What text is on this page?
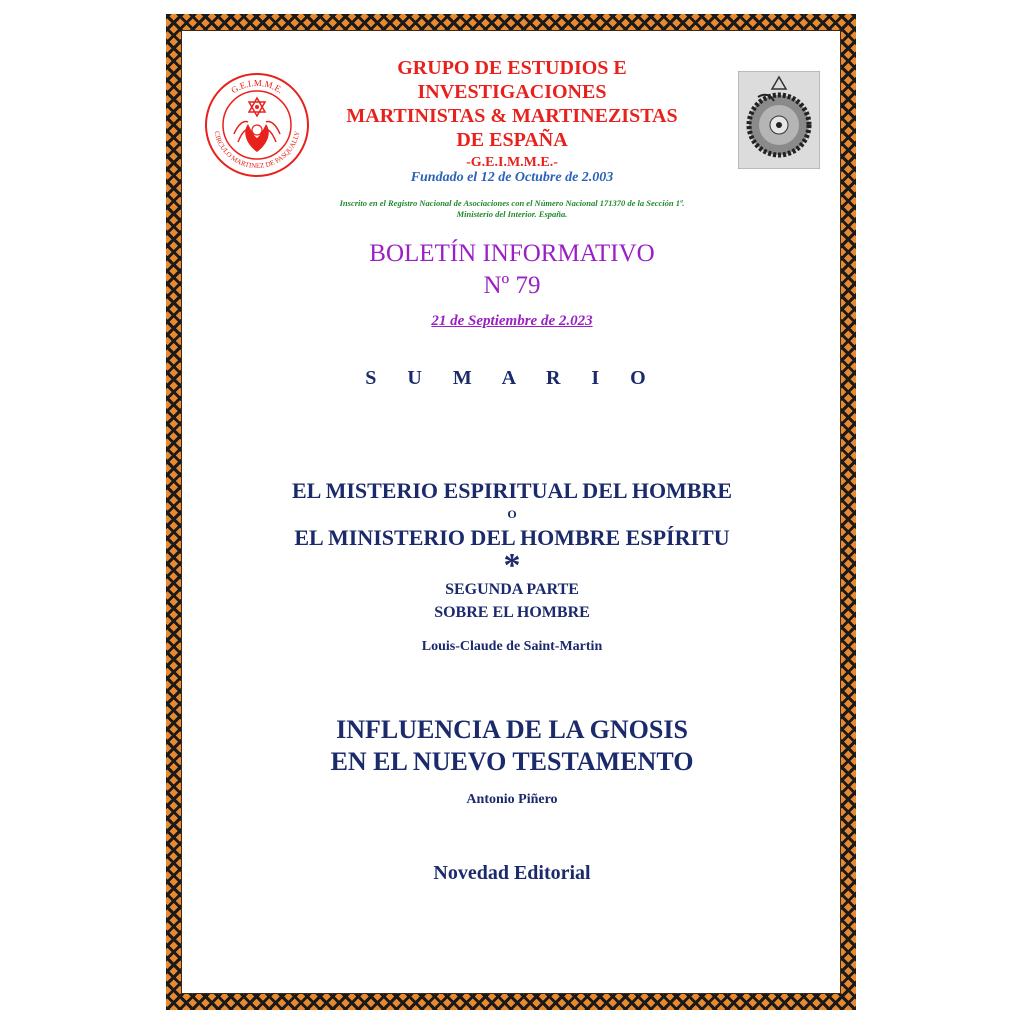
G.E.I.M.M.E.
CIRCULO MARTINEZ DE PASQUALLY
GRUPO DE ESTUDIOS E
INVESTIGACIONES
MARTINISTAS & MARTINEZISTAS
DE ESPAÑA
-G.E.I.M.M.E.-
Fundado el 12 de Octubre de 2.003
Inscrito en el Registro Nacional de Asociaciones con el Número Nacional 171370 de la Sección 1ª.
Ministerio del Interior. España.
BOLETÍN INFORMATIVO
Nº 79
21 de Septiembre de 2.023
S U M A R I O
EL MISTERIO ESPIRITUAL DEL HOMBRE
O
EL MINISTERIO DEL HOMBRE ESPÍRITU
*
SEGUNDA PARTE
SOBRE EL HOMBRE
Louis-Claude de Saint-Martin
INFLUENCIA DE LA GNOSIS
EN EL NUEVO TESTAMENTO
Antonio Piñero
Novedad Editorial
